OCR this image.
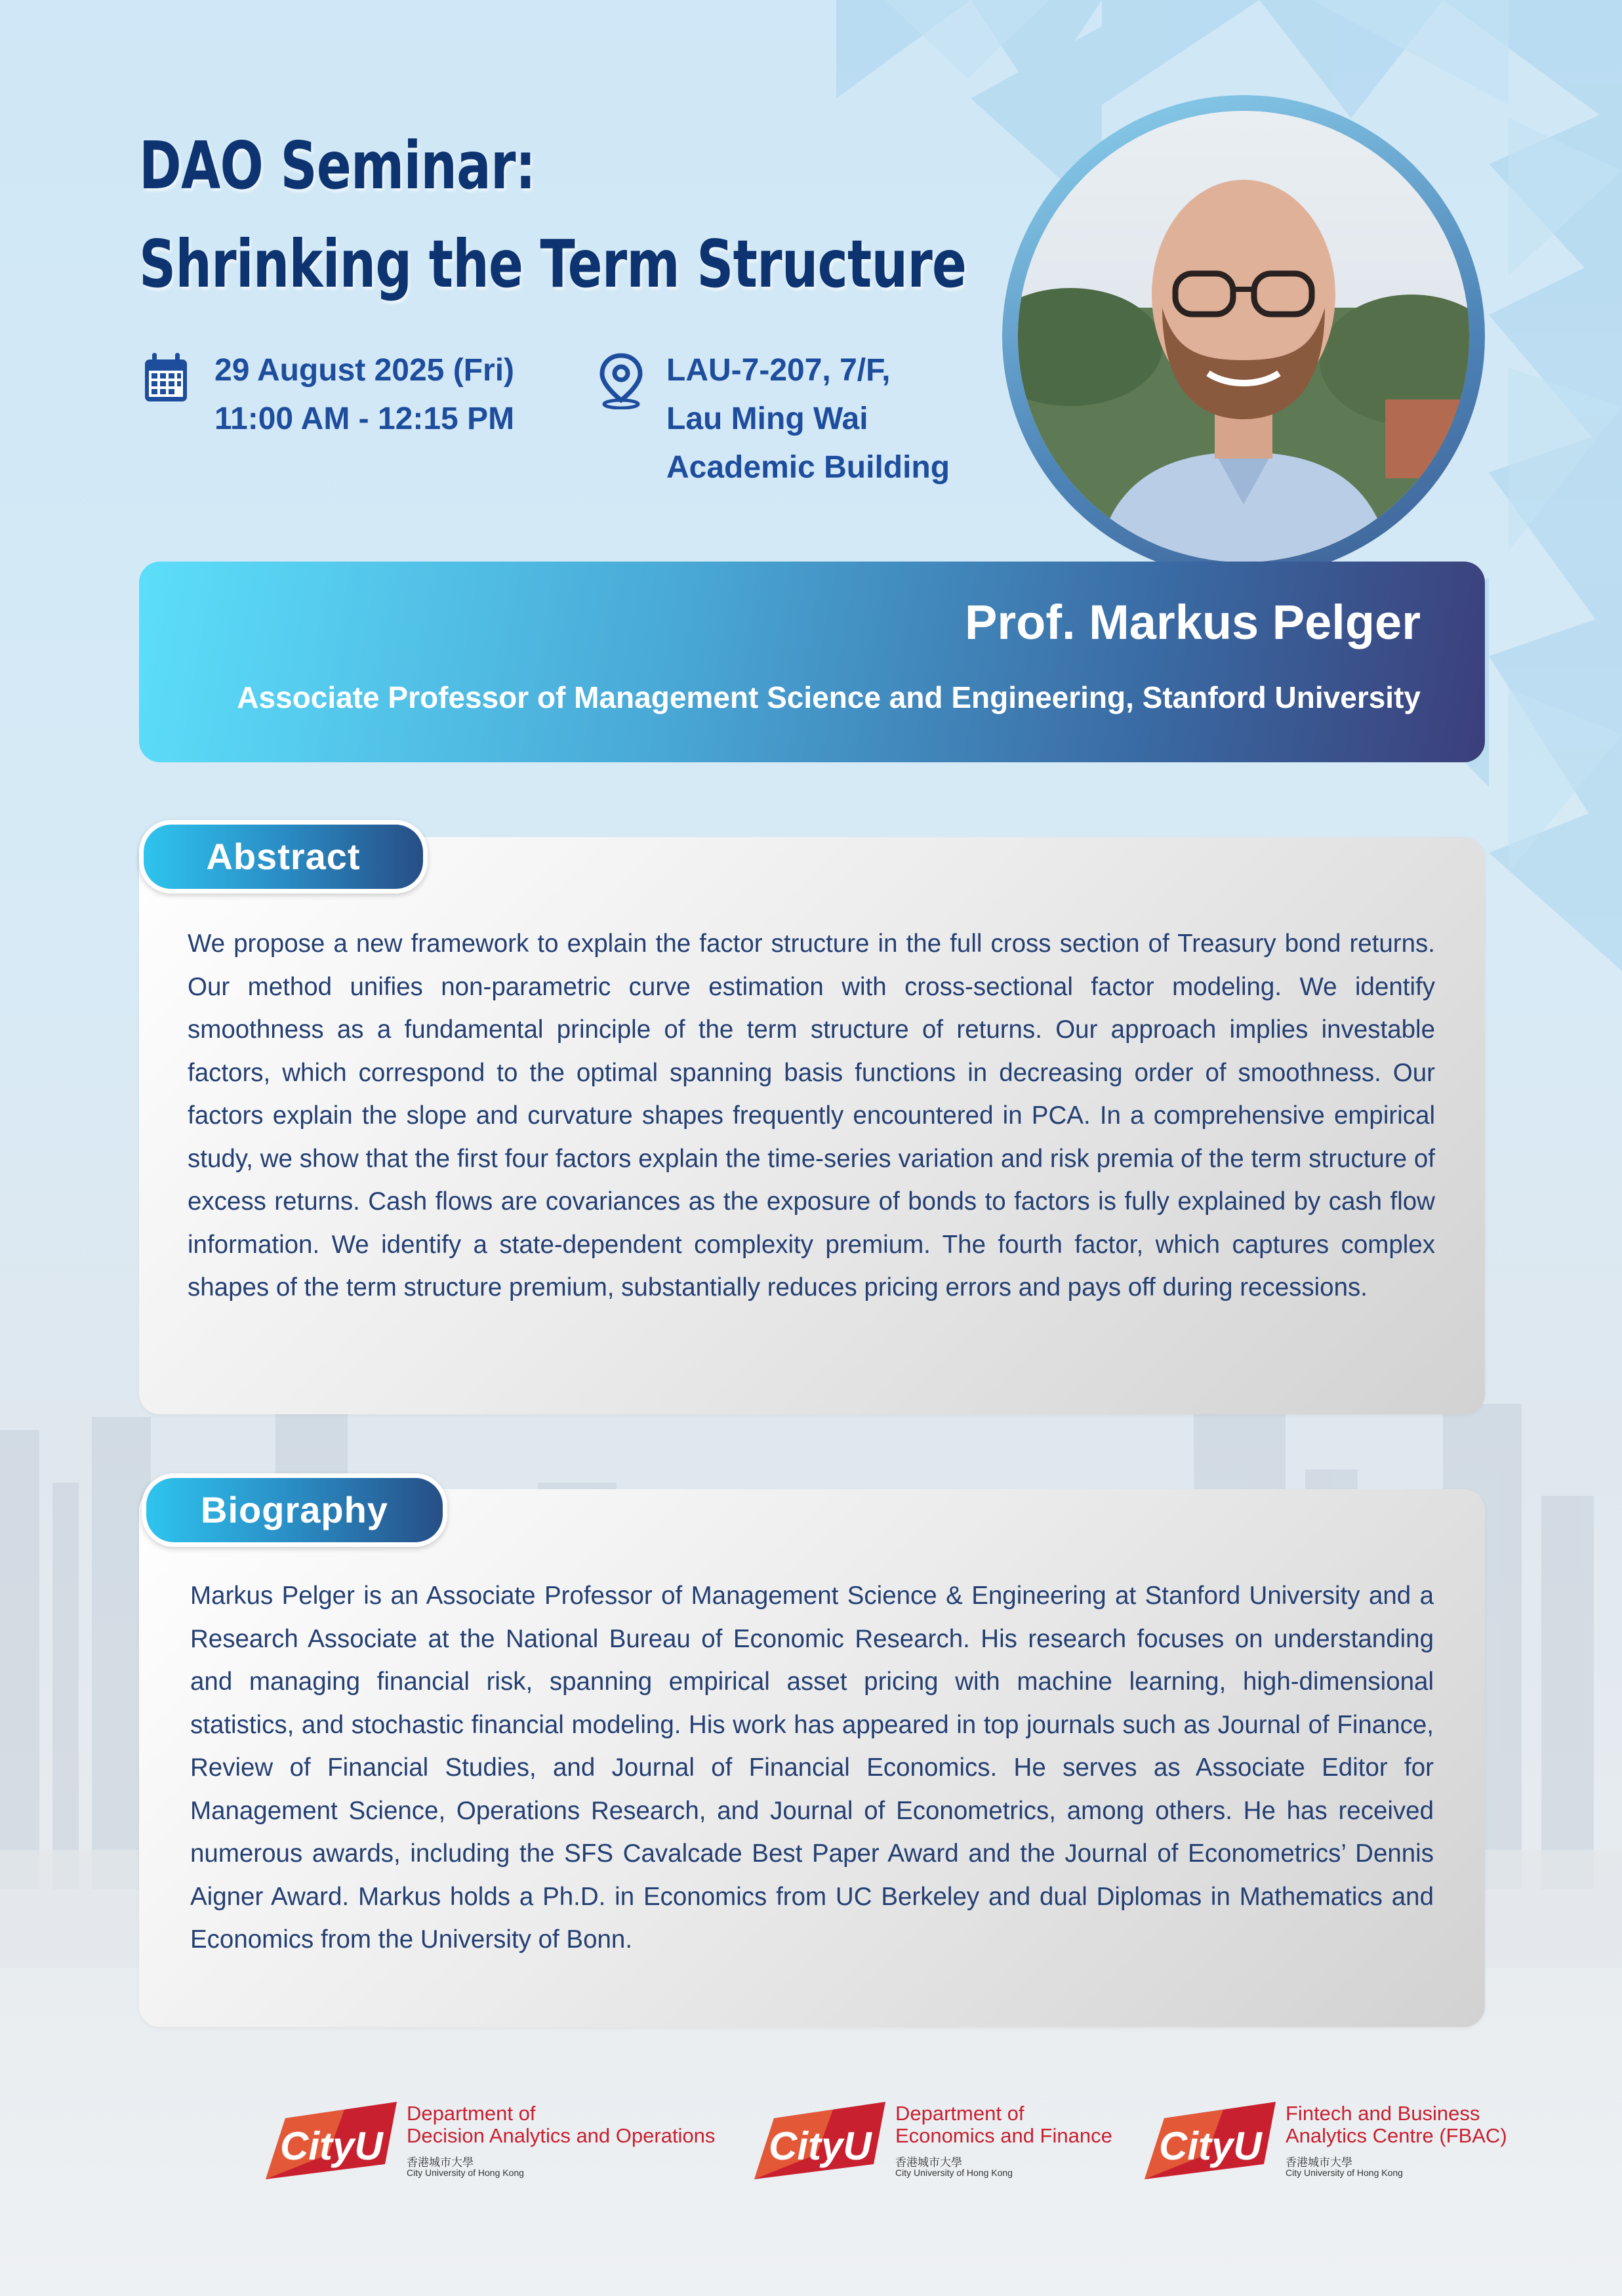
DAO Seminar:
Shrinking the Term Structure
29 August 2025 (Fri)
11:00 AM - 12:15 PM
LAU-7-207, 7/F,
Lau Ming Wai
Academic Building
Prof. Markus Pelger
Associate Professor of Management Science and Engineering, Stanford University

We propose a new framework to explain the factor structure in the full cross section of Treasury bond returns. Our method unifies non-parametric curve estimation with cross-sectional factor modeling. We identify smoothness as a fundamental principle of the term structure of returns. Our approach implies investable factors, which correspond to the optimal spanning basis functions in decreasing order of smoothness. Our factors explain the slope and curvature shapes frequently encountered in PCA. In a comprehensive empirical study, we show that the first four factors explain the time-series variation and risk premia of the term structure of excess returns. Cash flows are covariances as the exposure of bonds to factors is fully explained by cash flow information. We identify a state-dependent complexity premium. The fourth factor, which captures complex shapes of the term structure premium, substantially reduces pricing errors and pays off during recessions.

Abstract

Markus Pelger is an Associate Professor of Management Science & Engineering at Stanford University and a Research Associate at the National Bureau of Economic Research. His research focuses on understanding and managing financial risk, spanning empirical asset pricing with machine learning, high-dimensional statistics, and stochastic financial modeling. His work has appeared in top journals such as Journal of Finance, Review of Financial Studies, and Journal of Financial Economics. He serves as Associate Editor for Management Science, Operations Research, and Journal of Econometrics, among others. He has received numerous awards, including the SFS Cavalcade Best Paper Award and the Journal of Econometrics’ Dennis Aigner Award. Markus holds a Ph.D. in Economics from UC Berkeley and dual Diplomas in Mathematics and Economics from the University of Bonn.

Biography
CityU
Department of
Decision Analytics and Operations
香港城市大學
City University of Hong Kong
CityU
Department of
Economics and Finance
香港城市大學
City University of Hong Kong
CityU
Fintech and Business
Analytics Centre (FBAC)
香港城市大學
City University of Hong Kong
